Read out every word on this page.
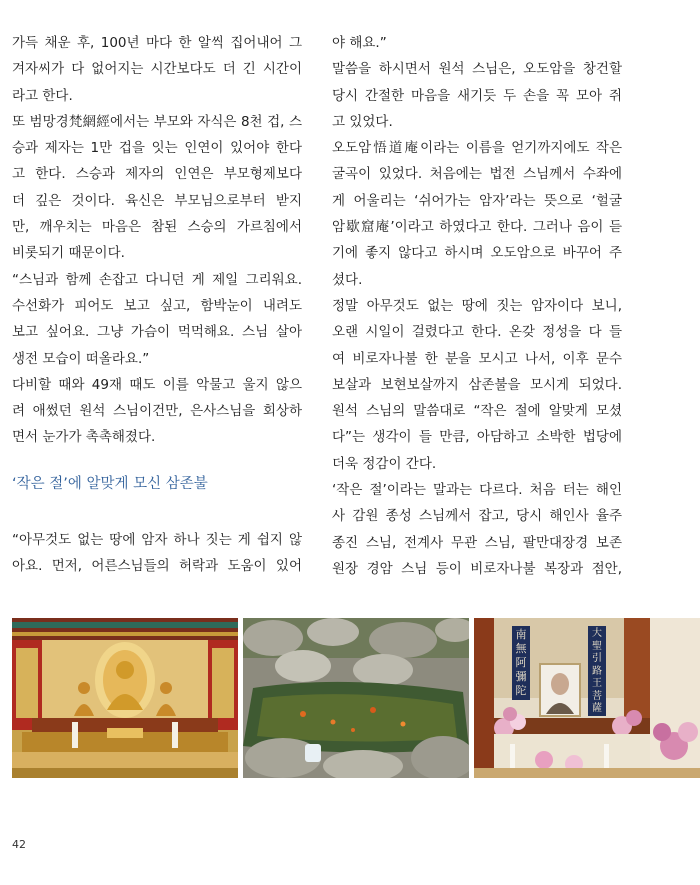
가득 채운 후, 100년 마다 한 알씩 집어내어 그
겨자씨가 다 없어지는 시간보다도 더 긴 시간이
라고 한다.
또 범망경梵網經에서는 부모와 자식은 8천 겁, 스
승과 제자는 1만 겁을 잇는 인연이 있어야 한다
고 한다. 스승과 제자의 인연은 부모형제보다
더 깊은 것이다. 육신은 부모님으로부터 받지
만, 깨우치는 마음은 참된 스승의 가르침에서
비롯되기 때문이다.
“스님과 함께 손잡고 다니던 게 제일 그리워요.
수선화가 피어도 보고 싶고, 함박눈이 내려도
보고 싶어요. 그냥 가슴이 먹먹해요. 스님 살아
생전 모습이 떠올라요.”
다비할 때와 49재 때도 이를 악물고 울지 않으
려 애썼던 원석 스님이건만, 은사스님을 회상하
면서 눈가가 촉촉해졌다.
‘작은 절’에 알맞게 모신 삼존불
“아무것도 없는 땅에 암자 하나 짓는 게 쉽지 않
아요. 먼저, 어른스님들의 허락과 도움이 있어
야 해요.”
말씀을 하시면서 원석 스님은, 오도암을 창건할
당시 간절한 마음을 새기듯 두 손을 꼭 모아 쥐
고 있었다.
오도암悟道庵이라는 이름을 얻기까지에도 작은
굴곡이 있었다. 처음에는 법전 스님께서 수좌에
게 어울리는 ‘쉬어가는 암자’라는 뜻으로 ‘헐굴
암歇窟庵’이라고 하였다고 한다. 그러나 음이 듣
기에 좋지 않다고 하시며 오도암으로 바꾸어 주
셨다.
정말 아무것도 없는 땅에 짓는 암자이다 보니,
오랜 시일이 걸렸다고 한다. 온갖 정성을 다 들
여 비로자나불 한 분을 모시고 나서, 이후 문수
보살과 보현보살까지 삼존불을 모시게 되었다.
원석 스님의 말씀대로 “작은 절에 알맞게 모셨
다”는 생각이 들 만큼, 아담하고 소박한 법당에
더욱 정감이 간다.
‘작은 절’이라는 말과는 다르다. 처음 터는 해인
사 감원 종성 스님께서 잡고, 당시 해인사 율주
종진 스님, 전계사 무관 스님, 팔만대장경 보존
원장 경암 스님 등이 비로자나불 복장과 점안,
南
無
阿
彌
陀
大
聖
引
路
王
菩
薩
42
